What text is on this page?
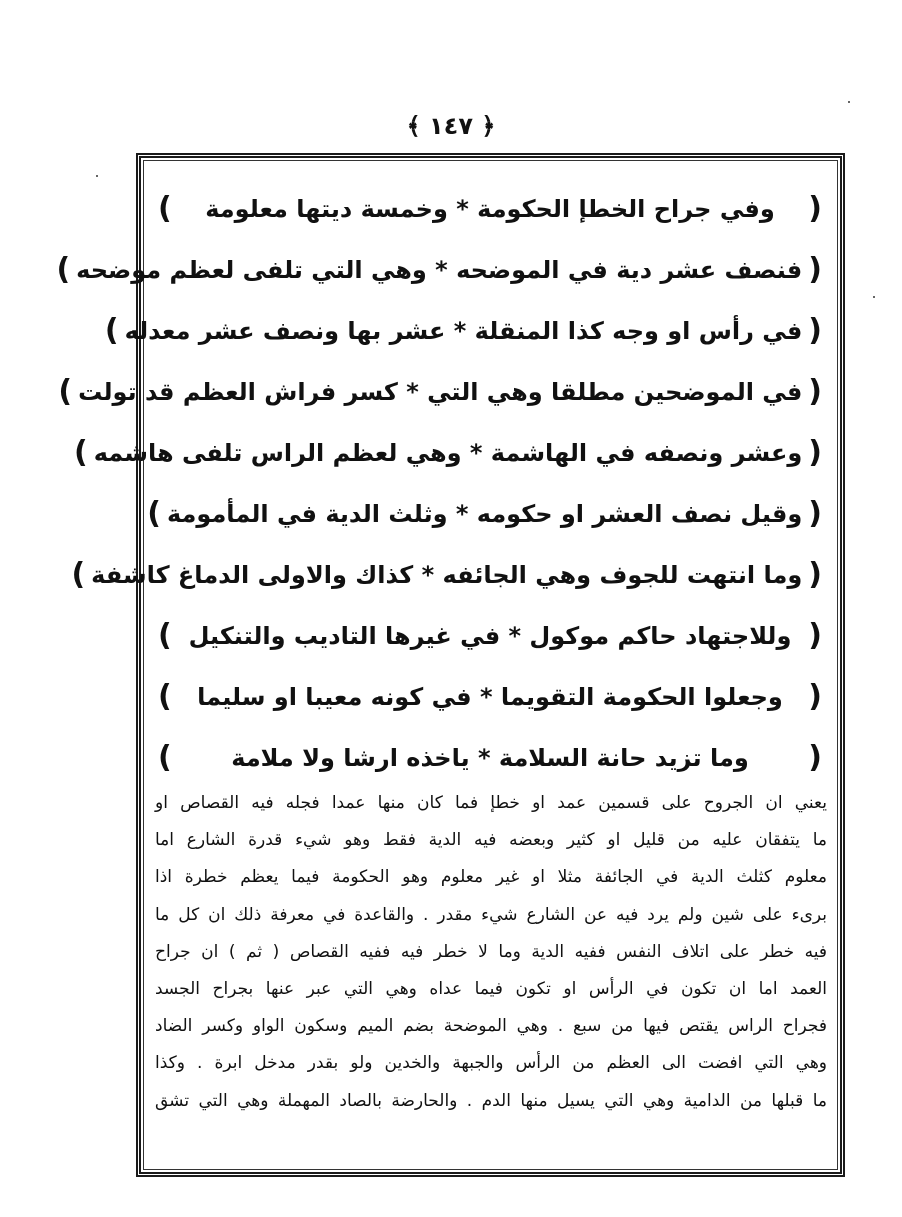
﴿ ١٤٧ ﴾
(
وفي جراح الخطإ الحكومة * وخمسة ديتها معلومة
)
(
فنصف عشر دية في الموضحه * وهي التي تلفى لعظم موضحه
)
(
في رأس او وجه كذا المنقلة * عشر بها ونصف عشر معدله
)
(
في الموضحين مطلقا وهي التي * كسر فراش العظم قد تولت
)
(
وعشر ونصفه في الهاشمة * وهي لعظم الراس تلفى هاشمه
)
(
وقيل نصف العشر او حكومه * وثلث الدية في المأمومة
)
(
وما انتهت للجوف وهي الجائفه * كذاك والاولى الدماغ كاشفة
)
(
وللاجتهاد حاكم موكول * في غيرها التاديب والتنكيل
)
(
وجعلوا الحكومة التقويما * في كونه معيبا او سليما
)
(
وما تزيد حانة السلامة * ياخذه ارشا ولا ملامة
)
يعني ان الجروح على قسمين عمد او خطإ فما كان منها عمدا فجله فيه القصاص او
ما يتفقان عليه من قليل او كثير وبعضه فيه الدية فقط وهو شيء قدرة الشارع اما
معلوم كثلث الدية في الجائفة مثلا او غير معلوم وهو الحكومة فيما يعظم خطرة اذا
برىء على شين ولم يرد فيه عن الشارع شيء مقدر . والقاعدة في معرفة ذلك ان كل ما
فيه خطر على اتلاف النفس ففيه الدية وما لا خطر فيه ففيه القصاص ( ثم ) ان جراح
العمد اما ان تكون في الرأس او تكون فيما عداه وهي التي عبر عنها بجراح الجسد
فجراح الراس يقتص فيها من سبع . وهي الموضحة بضم الميم وسكون الواو وكسر الضاد
وهي التي افضت الى العظم من الرأس والجبهة والخدين ولو بقدر مدخل ابرة . وكذا
ما قبلها من الدامية وهي التي يسيل منها الدم . والحارضة بالصاد المهملة وهي التي تشق
